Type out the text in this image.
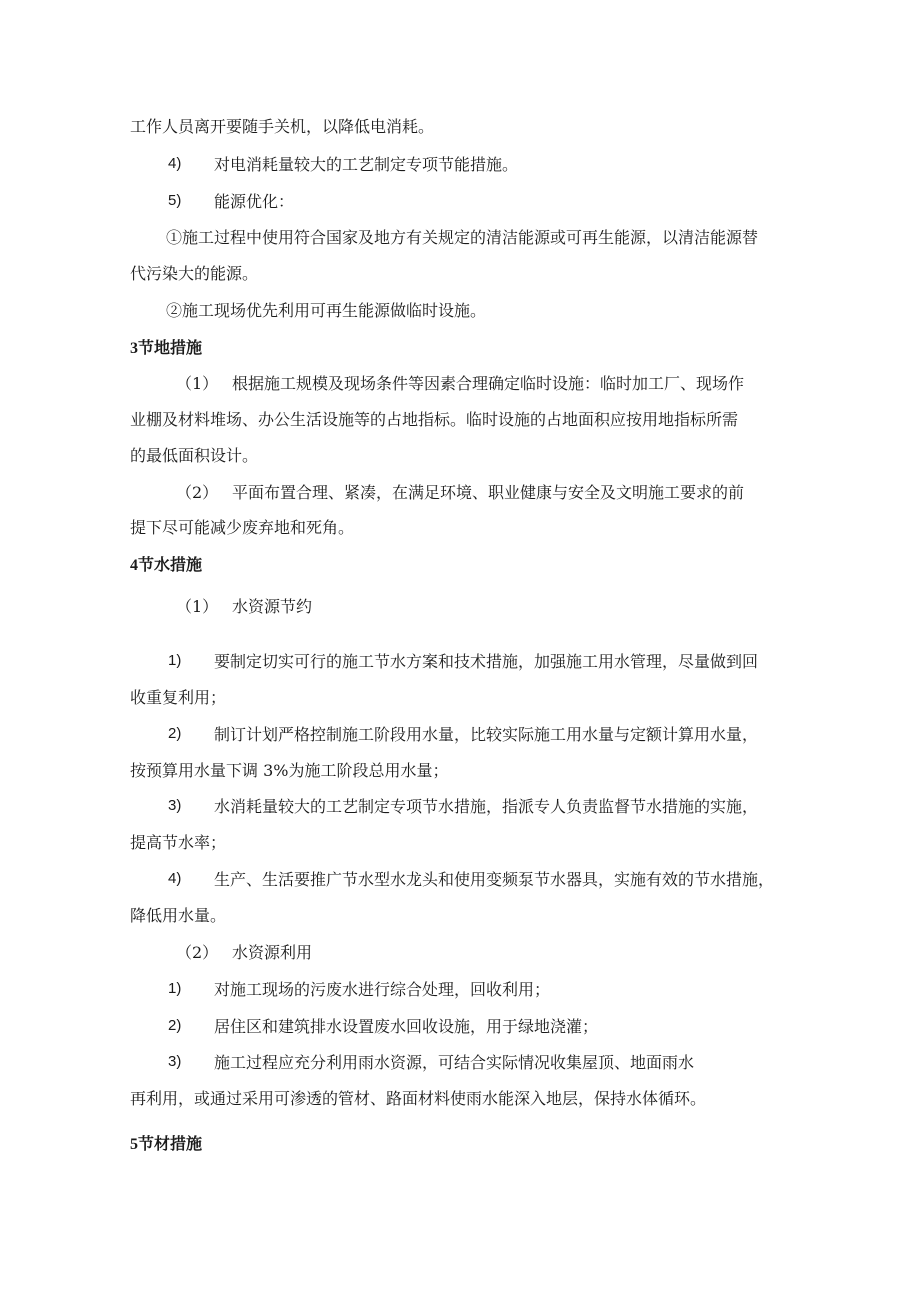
工作人员离开要随手关机，以降低电消耗。
4) 对电消耗量较大的工艺制定专项节能措施。
5) 能源优化：
①施工过程中使用符合国家及地方有关规定的清洁能源或可再生能源，以清洁能源替
代污染大的能源。
②施工现场优先利用可再生能源做临时设施。
3节地措施
（1） 根据施工规模及现场条件等因素合理确定临时设施：临时加工厂、现场作
业棚及材料堆场、办公生活设施等的占地指标。临时设施的占地面积应按用地指标所需
的最低面积设计。
（2） 平面布置合理、紧凑，在满足环境、职业健康与安全及文明施工要求的前
提下尽可能减少废弃地和死角。
4节水措施
（1） 水资源节约
1) 要制定切实可行的施工节水方案和技术措施，加强施工用水管理，尽量做到回
收重复利用；
2) 制订计划严格控制施工阶段用水量，比较实际施工用水量与定额计算用水量，
按预算用水量下调 3%为施工阶段总用水量；
3) 水消耗量较大的工艺制定专项节水措施，指派专人负责监督节水措施的实施，
提高节水率；
4) 生产、生活要推广节水型水龙头和使用变频泵节水器具，实施有效的节水措施，
降低用水量。
（2） 水资源利用
1) 对施工现场的污废水进行综合处理，回收利用；
2) 居住区和建筑排水设置废水回收设施，用于绿地浇灌；
3) 施工过程应充分利用雨水资源，可结合实际情况收集屋顶、地面雨水
再利用，或通过采用可渗透的管材、路面材料使雨水能深入地层，保持水体循环。
5节材措施
